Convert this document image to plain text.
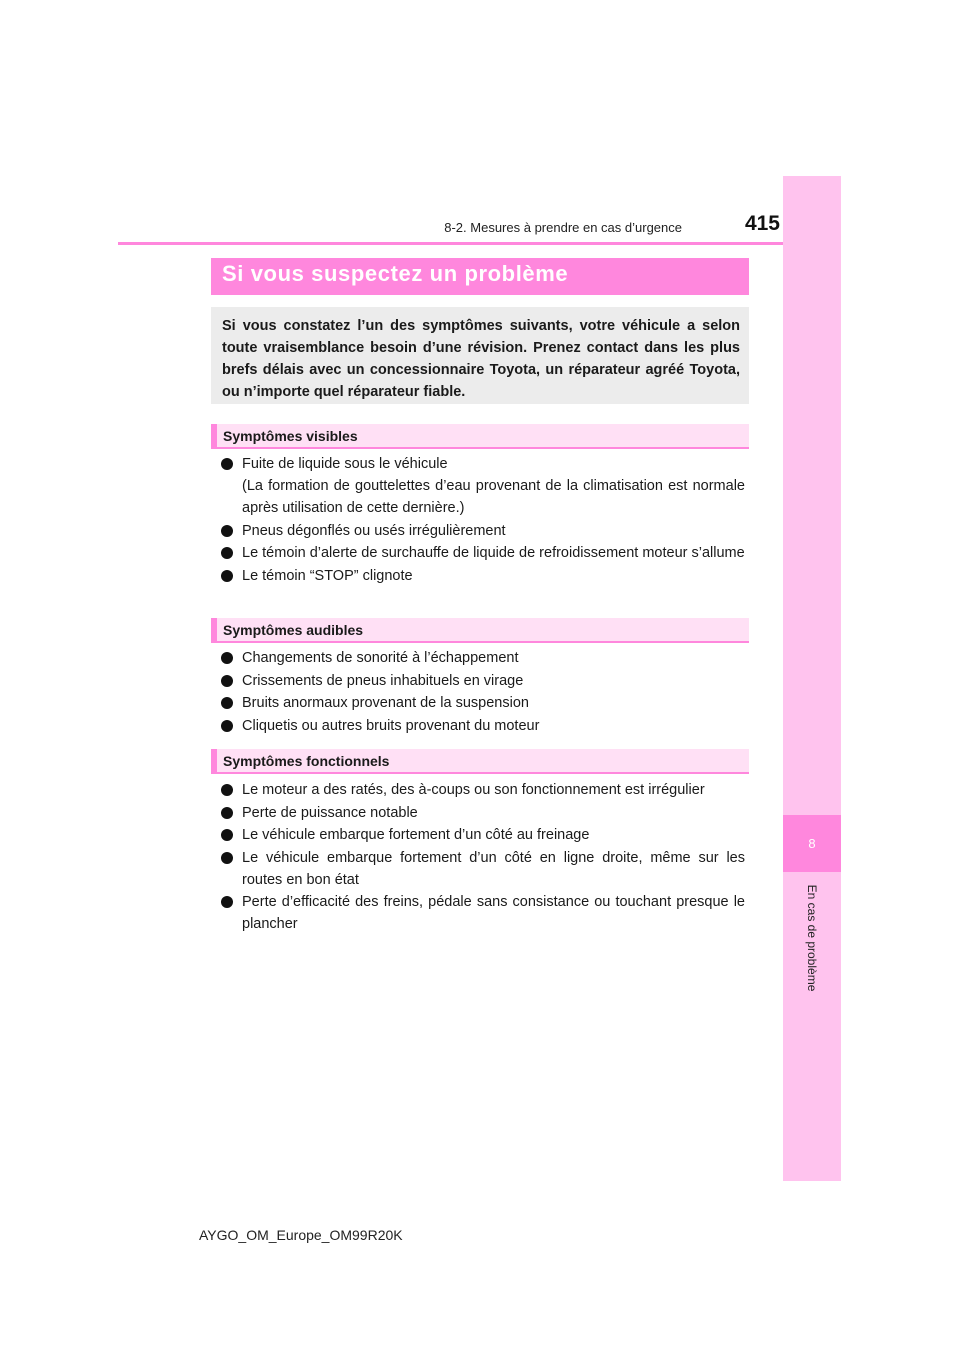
8
En cas de problème
8-2. Mesures à prendre en cas d’urgence	415
Si vous suspectez un problème
Si vous constatez l’un des symptômes suivants, votre véhicule a selon toute vraisemblance besoin d’une révision. Prenez contact dans les plus brefs délais avec un concessionnaire Toyota, un réparateur agréé Toyota, ou n’importe quel réparateur fiable.
Symptômes visibles
Fuite de liquide sous le véhicule
(La formation de gouttelettes d’eau provenant de la climatisation est normale après utilisation de cette dernière.)
Pneus dégonflés ou usés irrégulièrement
Le témoin d’alerte de surchauffe de liquide de refroidissement moteur s’allume
Le témoin “STOP” clignote
Symptômes audibles
Changements de sonorité à l’échappement
Crissements de pneus inhabituels en virage
Bruits anormaux provenant de la suspension
Cliquetis ou autres bruits provenant du moteur
Symptômes fonctionnels
Le moteur a des ratés, des à-coups ou son fonctionnement est irrégulier
Perte de puissance notable
Le véhicule embarque fortement d’un côté au freinage
Le véhicule embarque fortement d’un côté en ligne droite, même sur les routes en bon état
Perte d’efficacité des freins, pédale sans consistance ou touchant presque le plancher
AYGO_OM_Europe_OM99R20K
